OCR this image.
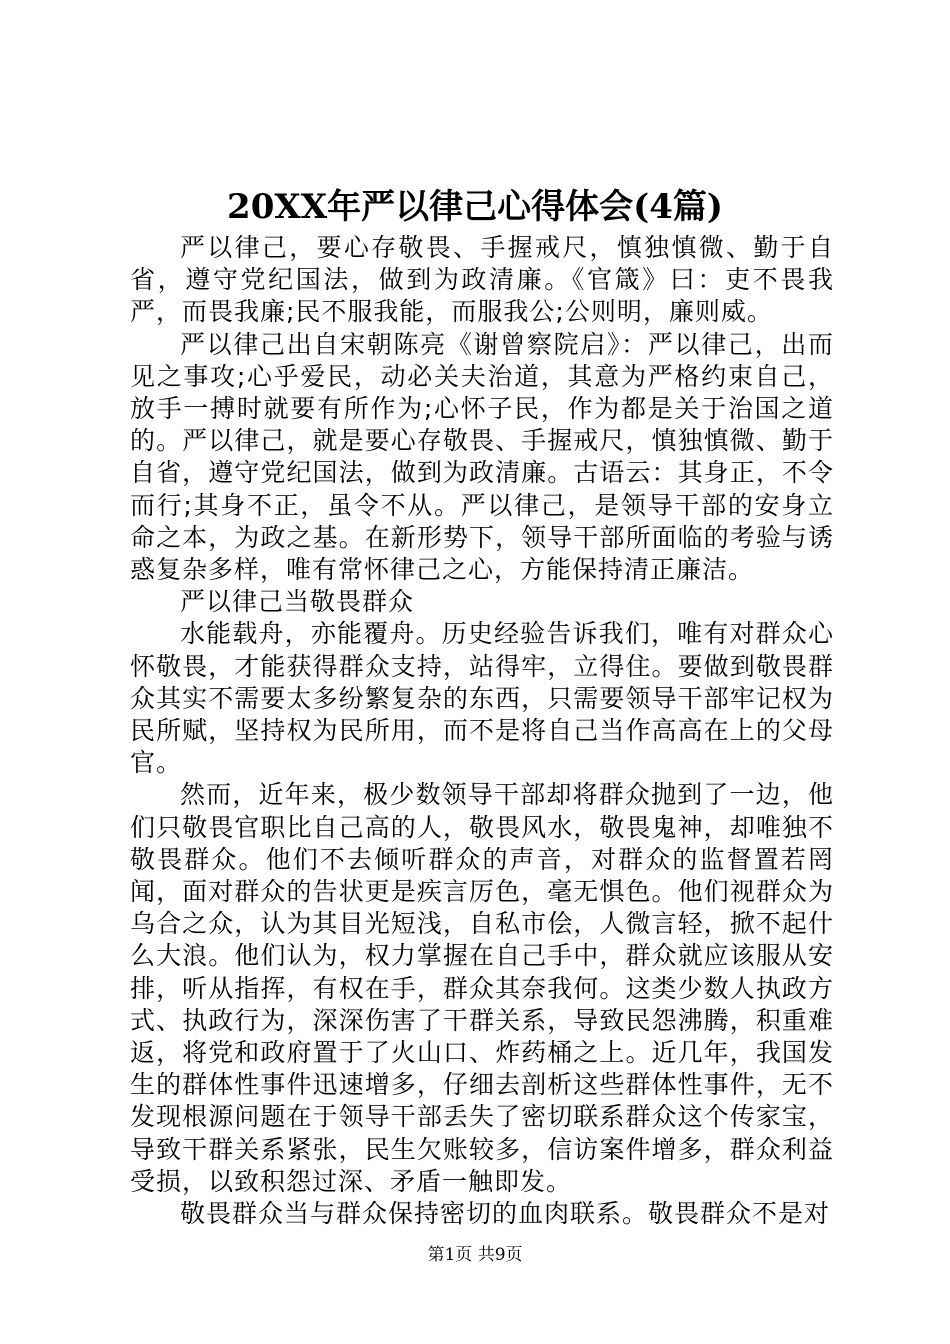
20XX年严以律己心得体会(4篇)

严以律己，要心存敬畏、手握戒尺，慎独慎微、勤于自省，遵守党纪国法，做到为政清廉。《官箴》曰：吏不畏我严，而畏我廉;民不服我能，而服我公;公则明，廉则威。

严以律己出自宋朝陈亮《谢曾察院启》：严以律己，出而见之事攻;心乎爱民，动必关夫治道，其意为严格约束自己，放手一搏时就要有所作为;心怀子民，作为都是关于治国之道的。严以律己，就是要心存敬畏、手握戒尺，慎独慎微、勤于自省，遵守党纪国法，做到为政清廉。古语云：其身正，不令而行;其身不正，虽令不从。严以律己，是领导干部的安身立命之本，为政之基。在新形势下，领导干部所面临的考验与诱惑复杂多样，唯有常怀律己之心，方能保持清正廉洁。

严以律己当敬畏群众

水能载舟，亦能覆舟。历史经验告诉我们，唯有对群众心怀敬畏，才能获得群众支持，站得牢，立得住。要做到敬畏群众其实不需要太多纷繁复杂的东西，只需要领导干部牢记权为民所赋，坚持权为民所用，而不是将自己当作高高在上的父母官。

然而，近年来，极少数领导干部却将群众抛到了一边，他们只敬畏官职比自己高的人，敬畏风水，敬畏鬼神，却唯独不敬畏群众。他们不去倾听群众的声音，对群众的监督置若罔闻，面对群众的告状更是疾言厉色，毫无惧色。他们视群众为乌合之众，认为其目光短浅，自私市侩，人微言轻，掀不起什么大浪。他们认为，权力掌握在自己手中，群众就应该服从安排，听从指挥，有权在手，群众其奈我何。这类少数人执政方式、执政行为，深深伤害了干群关系，导致民怨沸腾，积重难返，将党和政府置于了火山口、炸药桶之上。近几年，我国发生的群体性事件迅速增多，仔细去剖析这些群体性事件，无不发现根源问题在于领导干部丢失了密切联系群众这个传家宝，导致干群关系紧张，民生欠账较多，信访案件增多，群众利益受损，以致积怨过深、矛盾一触即发。

敬畏群众当与群众保持密切的血肉联系。敬畏群众不是对

第1页 共9页
